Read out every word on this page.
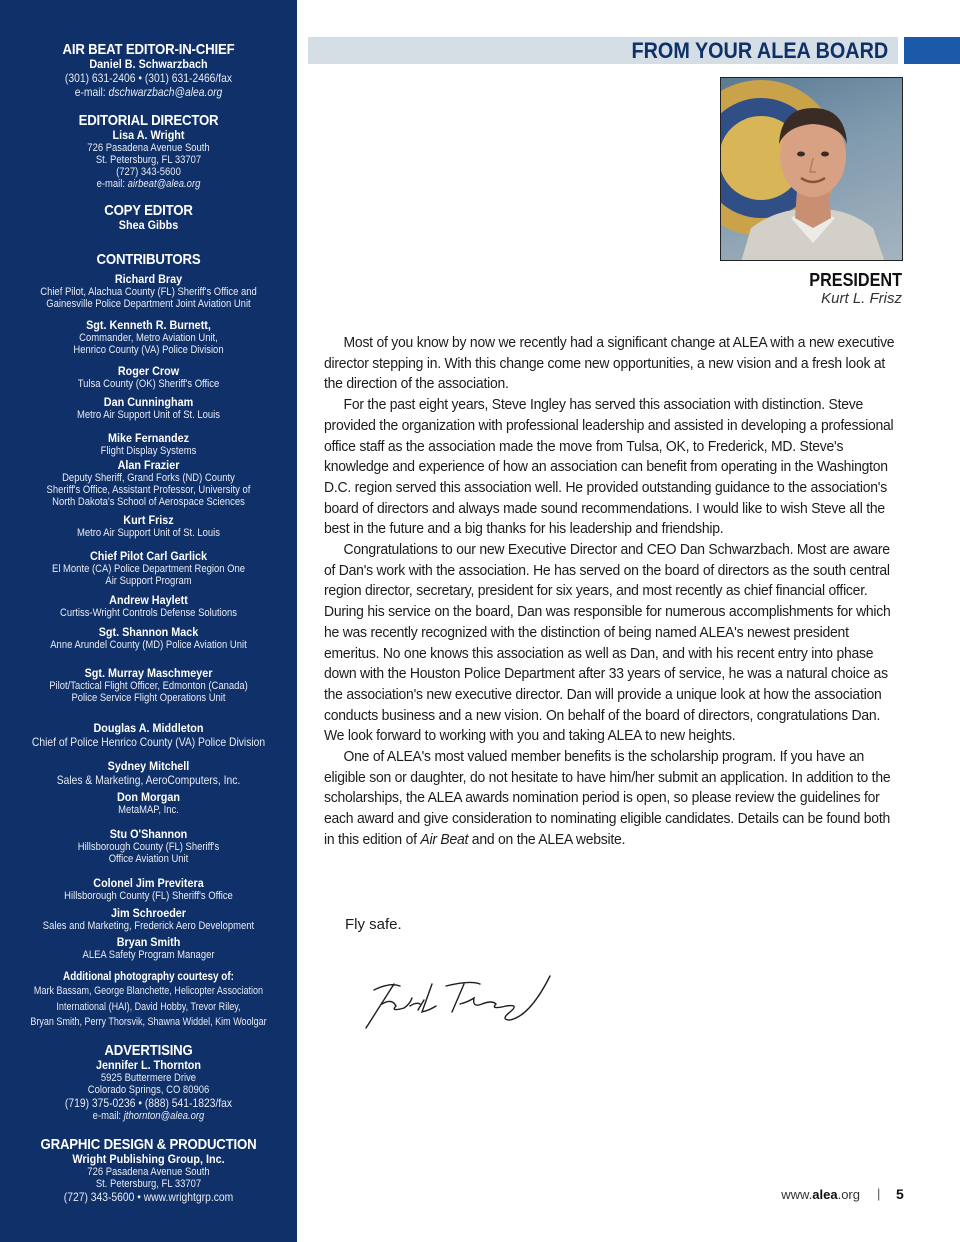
AIR BEAT EDITOR-IN-CHIEF
Daniel B. Schwarzbach
(301) 631-2406 • (301) 631-2466/fax
e-mail: dschwarzbach@alea.org
EDITORIAL DIRECTOR
Lisa A. Wright
726 Pasadena Avenue South
St. Petersburg, FL 33707
(727) 343-5600
e-mail: airbeat@alea.org
COPY EDITOR
Shea Gibbs
CONTRIBUTORS
Richard Bray
Chief Pilot, Alachua County (FL) Sheriff's Office and
Gainesville Police Department Joint Aviation Unit
Sgt. Kenneth R. Burnett,
Commander, Metro Aviation Unit,
Henrico County (VA) Police Division
Roger Crow
Tulsa County (OK) Sheriff's Office
Dan Cunningham
Metro Air Support Unit of St. Louis
Mike Fernandez
Flight Display Systems
Alan Frazier
Deputy Sheriff, Grand Forks (ND) County
Sheriff's Office, Assistant Professor, University of
North Dakota's School of Aerospace Sciences
Kurt Frisz
Metro Air Support Unit of St. Louis
Chief Pilot Carl Garlick
El Monte (CA) Police Department Region One
Air Support Program
Andrew Haylett
Curtiss-Wright Controls Defense Solutions
Sgt. Shannon Mack
Anne Arundel County (MD) Police Aviation Unit
Sgt. Murray Maschmeyer
Pilot/Tactical Flight Officer, Edmonton (Canada)
Police Service Flight Operations Unit
Douglas A. Middleton
Chief of Police Henrico County (VA) Police Division
Sydney Mitchell
Sales & Marketing, AeroComputers, Inc.
Don Morgan
MetaMAP, Inc.
Stu O'Shannon
Hillsborough County (FL) Sheriff's
Office Aviation Unit
Colonel Jim Previtera
Hillsborough County (FL) Sheriff's Office
Jim Schroeder
Sales and Marketing, Frederick Aero Development
Bryan Smith
ALEA Safety Program Manager
Additional photography courtesy of:
Mark Bassam, George Blanchette, Helicopter Association
International (HAI), David Hobby, Trevor Riley,
Bryan Smith, Perry Thorsvik, Shawna Widdel, Kim Woolgar
ADVERTISING
Jennifer L. Thornton
5925 Buttermere Drive
Colorado Springs, CO 80906
(719) 375-0236 • (888) 541-1823/fax
e-mail: jthornton@alea.org
GRAPHIC DESIGN & PRODUCTION
Wright Publishing Group, Inc.
726 Pasadena Avenue South
St. Petersburg, FL 33707
(727) 343-5600 • www.wrightgrp.com
FROM YOUR ALEA BOARD
PRESIDENT
Kurt L. Frisz

Most of you know by now we recently had a significant change at ALEA with a new executive director stepping in. With this change come new opportunities, a new vision and a fresh look at the direction of the association.

For the past eight years, Steve Ingley has served this association with distinction. Steve provided the organization with professional leadership and assisted in developing a professional office staff as the association made the move from Tulsa, OK, to Frederick, MD. Steve's knowledge and experience of how an association can benefit from operating in the Washington D.C. region served this association well. He provided outstanding guidance to the association's board of directors and always made sound recommendations. I would like to wish Steve all the best in the future and a big thanks for his leadership and friendship.

Congratulations to our new Executive Director and CEO Dan Schwarzbach. Most are aware of Dan's work with the association. He has served on the board of directors as the south central region director, secretary, president for six years, and most recently as chief financial officer. During his service on the board, Dan was responsible for numerous accomplishments for which he was recently recognized with the distinction of being named ALEA's newest president emeritus. No one knows this association as well as Dan, and with his recent entry into phase down with the Houston Police Department after 33 years of service, he was a natural choice as the association's new executive director. Dan will provide a unique look at how the association conducts business and a new vision. On behalf of the board of directors, congratulations Dan. We look forward to working with you and taking ALEA to new heights.

One of ALEA's most valued member benefits is the scholarship program. If you have an eligible son or daughter, do not hesitate to have him/her submit an application. In addition to the scholarships, the ALEA awards nomination period is open, so please review the guidelines for each award and give consideration to nominating eligible candidates. Details can be found both in this edition of Air Beat and on the ALEA website.

Fly safe.
www.alea.org | 5
